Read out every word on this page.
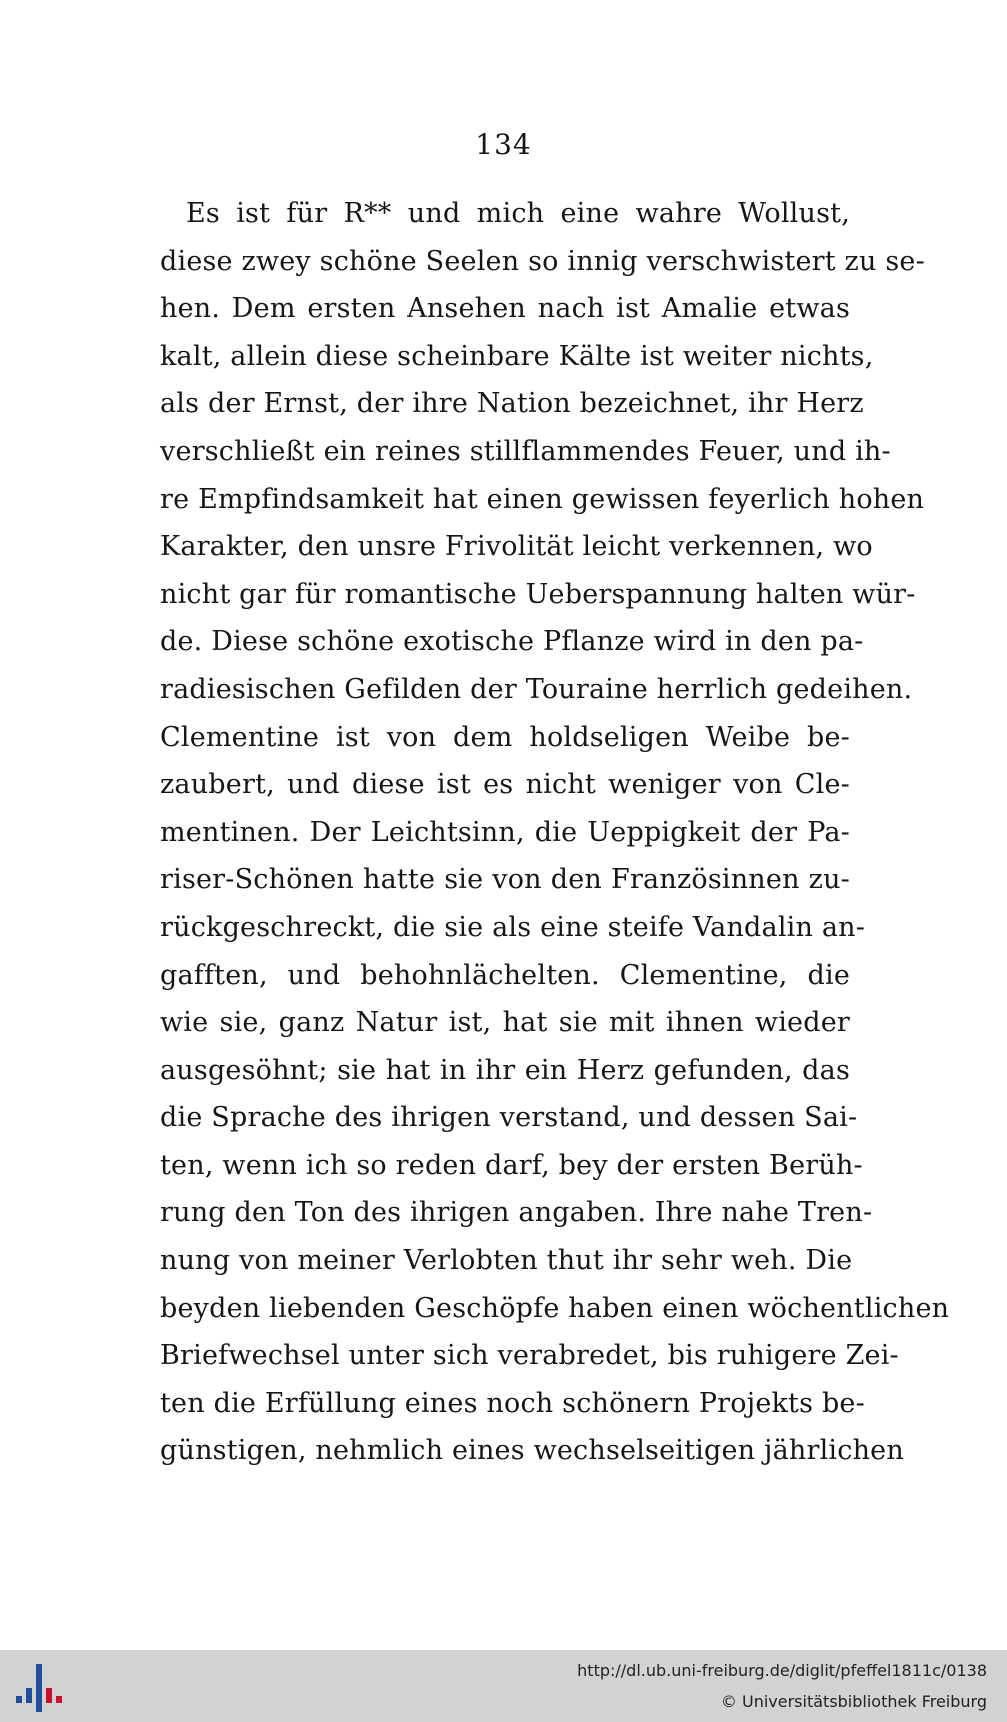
134
Es ist für R** und mich eine wahre Wollust,
diese zwey schöne Seelen so innig verschwistert zu se-
hen. Dem ersten Ansehen nach ist Amalie etwas
kalt, allein diese scheinbare Kälte ist weiter nichts,
als der Ernst, der ihre Nation bezeichnet, ihr Herz
verschließt ein reines stillflammendes Feuer, und ih-
re Empfindsamkeit hat einen gewissen feyerlich hohen
Karakter, den unsre Frivolität leicht verkennen, wo
nicht gar für romantische Ueberspannung halten wür-
de. Diese schöne exotische Pflanze wird in den pa-
radiesischen Gefilden der Touraine herrlich gedeihen.
Clementine ist von dem holdseligen Weibe be-
zaubert, und diese ist es nicht weniger von Cle-
mentinen. Der Leichtsinn, die Ueppigkeit der Pa-
riser-Schönen hatte sie von den Französinnen zu-
rückgeschreckt, die sie als eine steife Vandalin an-
gafften, und behohnlächelten. Clementine, die
wie sie, ganz Natur ist, hat sie mit ihnen wieder
ausgesöhnt; sie hat in ihr ein Herz gefunden, das
die Sprache des ihrigen verstand, und dessen Sai-
ten, wenn ich so reden darf, bey der ersten Berüh-
rung den Ton des ihrigen angaben. Ihre nahe Tren-
nung von meiner Verlobten thut ihr sehr weh. Die
beyden liebenden Geschöpfe haben einen wöchentlichen
Briefwechsel unter sich verabredet, bis ruhigere Zei-
ten die Erfüllung eines noch schönern Projekts be-
günstigen, nehmlich eines wechselseitigen jährlichen
http://dl.ub.uni-freiburg.de/diglit/pfeffel1811c/0138
© Universitätsbibliothek Freiburg
